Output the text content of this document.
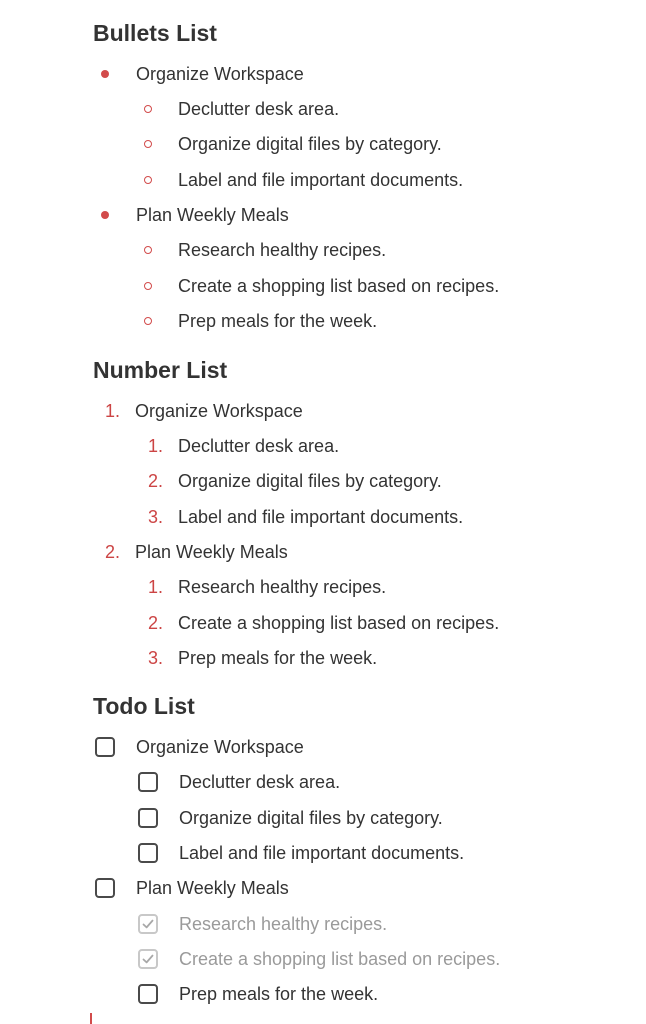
Bullets List
Organize Workspace
Declutter desk area.
Organize digital files by category.
Label and file important documents.
Plan Weekly Meals
Research healthy recipes.
Create a shopping list based on recipes.
Prep meals for the week.
Number List
1. Organize Workspace
1. Declutter desk area.
2. Organize digital files by category.
3. Label and file important documents.
2. Plan Weekly Meals
1. Research healthy recipes.
2. Create a shopping list based on recipes.
3. Prep meals for the week.
Todo List
Organize Workspace
Declutter desk area.
Organize digital files by category.
Label and file important documents.
Plan Weekly Meals
Research healthy recipes.
Create a shopping list based on recipes.
Prep meals for the week.
